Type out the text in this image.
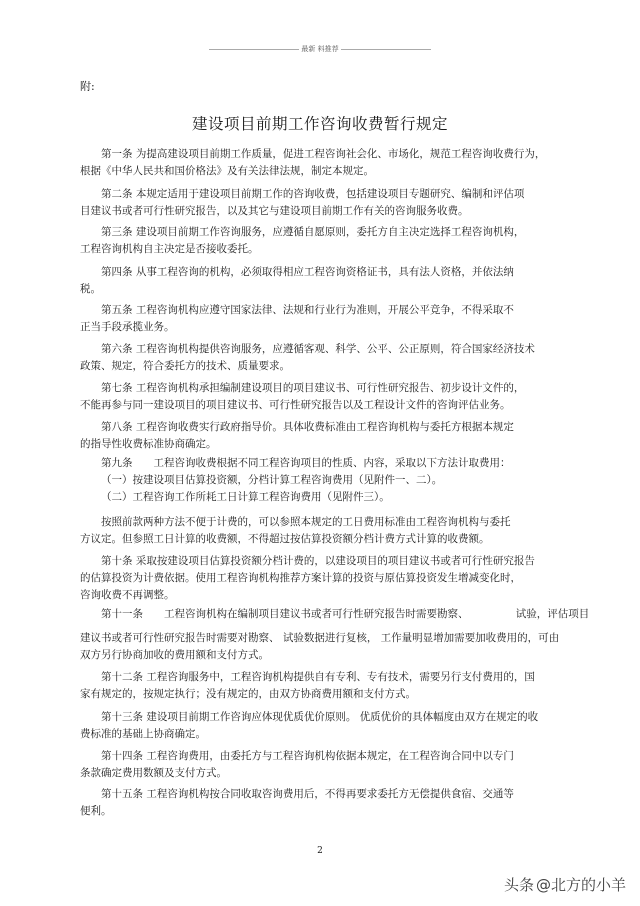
最新 料推荐
附:
建设项目前期工作咨询收费暂行规定
第一条 为提高建设项目前期工作质量，促进工程咨询社会化、市场化，规范工程咨询收费行为，
根据《中华人民共和国价格法》及有关法律法规，制定本规定。
第二条 本规定适用于建设项目前期工作的咨询收费，包括建设项目专题研究、编制和评估项
目建议书或者可行性研究报告，以及其它与建设项目前期工作有关的咨询服务收费。
第三条 建设项目前期工作咨询服务，应遵循自愿原则，委托方自主决定选择工程咨询机构，
工程咨询机构自主决定是否接收委托。
第四条 从事工程咨询的机构，必须取得相应工程咨询资格证书，具有法人资格，并依法纳
税。
第五条 工程咨询机构应遵守国家法律、法规和行业行为准则，开展公平竞争，不得采取不
正当手段承揽业务。
第六条 工程咨询机构提供咨询服务，应遵循客观、科学、公平、公正原则，符合国家经济技术
政策、规定，符合委托方的技术、质量要求。
第七条 工程咨询机构承担编制建设项目的项目建议书、可行性研究报告、初步设计文件的，
不能再参与同一建设项目的项目建议书、可行性研究报告以及工程设计文件的咨询评估业务。
第八条 工程咨询收费实行政府指导价。具体收费标准由工程咨询机构与委托方根据本规定
的指导性收费标准协商确定。
第九条　　工程咨询收费根据不同工程咨询项目的性质、内容，采取以下方法计取费用：
（一）按建设项目估算投资额，分档计算工程咨询费用（见附件一、二）。
（二）工程咨询工作所耗工日计算工程咨询费用（见附件三）。
按照前款两种方法不便于计费的，可以参照本规定的工日费用标准由工程咨询机构与委托
方议定。但参照工日计算的收费额，不得超过按估算投资额分档计费方式计算的收费额。
第十条 采取按建设项目估算投资额分档计费的，以建设项目的项目建议书或者可行性研究报告
的估算投资为计费依据。使用工程咨询机构推荐方案计算的投资与原估算投资发生增减变化时，
咨询收费不再调整。
第十一条　　工程咨询机构在编制项目建议书或者可行性研究报告时需要勘察、　　　　　试验，评估项目
建议书或者可行性研究报告时需要对勘察、 试验数据进行复核， 工作量明显增加需要加收费用的，可由
双方另行协商加收的费用额和支付方式。
第十二条 工程咨询服务中，工程咨询机构提供自有专利、专有技术，需要另行支付费用的，国
家有规定的，按规定执行；没有规定的，由双方协商费用额和支付方式。
第十三条 建设项目前期工作咨询应体现优质优价原则。 优质优价的具体幅度由双方在规定的收
费标准的基础上协商确定。
第十四条 工程咨询费用，由委托方与工程咨询机构依据本规定，在工程咨询合同中以专门
条款确定费用数额及支付方式。
第十五条 工程咨询机构按合同收取咨询费用后，不得再要求委托方无偿提供食宿、交通等
便利。
2
头条 @北方的小羊
